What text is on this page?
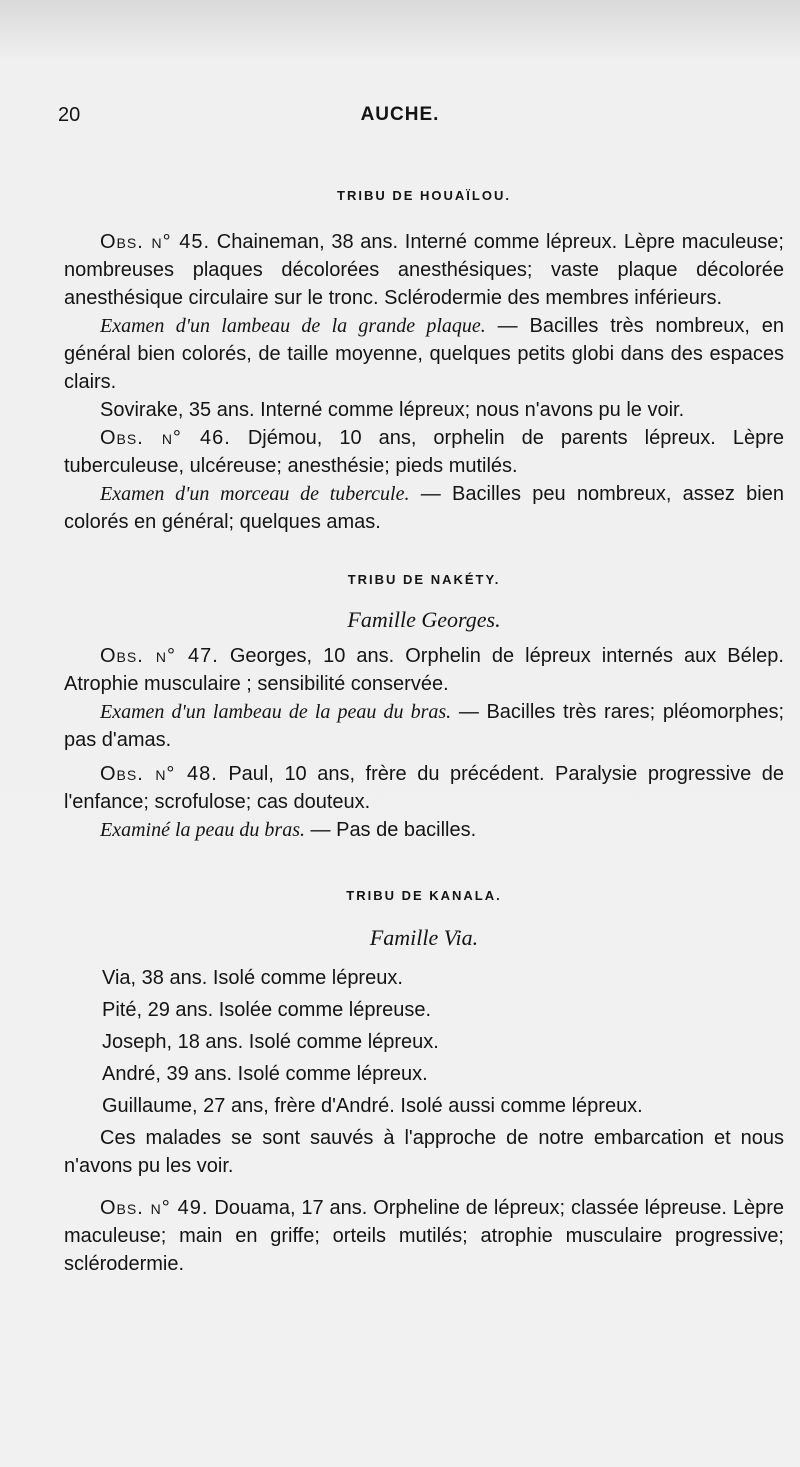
20	AUCHE.

TRIBU DE HOUAÏLOU.

Obs. n° 45. Chaineman, 38 ans. Interné comme lépreux. Lèpre maculeuse; nombreuses plaques décolorées anesthésiques; vaste plaque décolorée anesthésique circulaire sur le tronc. Sclérodermie des membres inférieurs.

Examen d'un lambeau de la grande plaque. — Bacilles très nombreux, en général bien colorés, de taille moyenne, quelques petits globi dans des espaces clairs.

Sovirake, 35 ans. Interné comme lépreux; nous n'avons pu le voir.

Obs. n° 46. Djémou, 10 ans, orphelin de parents lépreux. Lèpre tuberculeuse, ulcéreuse; anesthésie; pieds mutilés.

Examen d'un morceau de tubercule. — Bacilles peu nombreux, assez bien colorés en général; quelques amas.

TRIBU DE NAKÉTY.

Famille Georges.

Obs. n° 47. Georges, 10 ans. Orphelin de lépreux internés aux Bélep. Atrophie musculaire ; sensibilité conservée.

Examen d'un lambeau de la peau du bras. — Bacilles très rares; pléomorphes; pas d'amas.

Obs. n° 48. Paul, 10 ans, frère du précédent. Paralysie progressive de l'enfance; scrofulose; cas douteux.

Examiné la peau du bras. — Pas de bacilles.

TRIBU DE KANALA.

Famille Via.

Via, 38 ans. Isolé comme lépreux.

Pité, 29 ans. Isolée comme lépreuse.

Joseph, 18 ans. Isolé comme lépreux.

André, 39 ans. Isolé comme lépreux.

Guillaume, 27 ans, frère d'André. Isolé aussi comme lépreux.

Ces malades se sont sauvés à l'approche de notre embarcation et nous n'avons pu les voir.

Obs. n° 49. Douama, 17 ans. Orpheline de lépreux; classée lépreuse. Lèpre maculeuse; main en griffe; orteils mutilés; atrophie musculaire progressive; sclérodermie.
